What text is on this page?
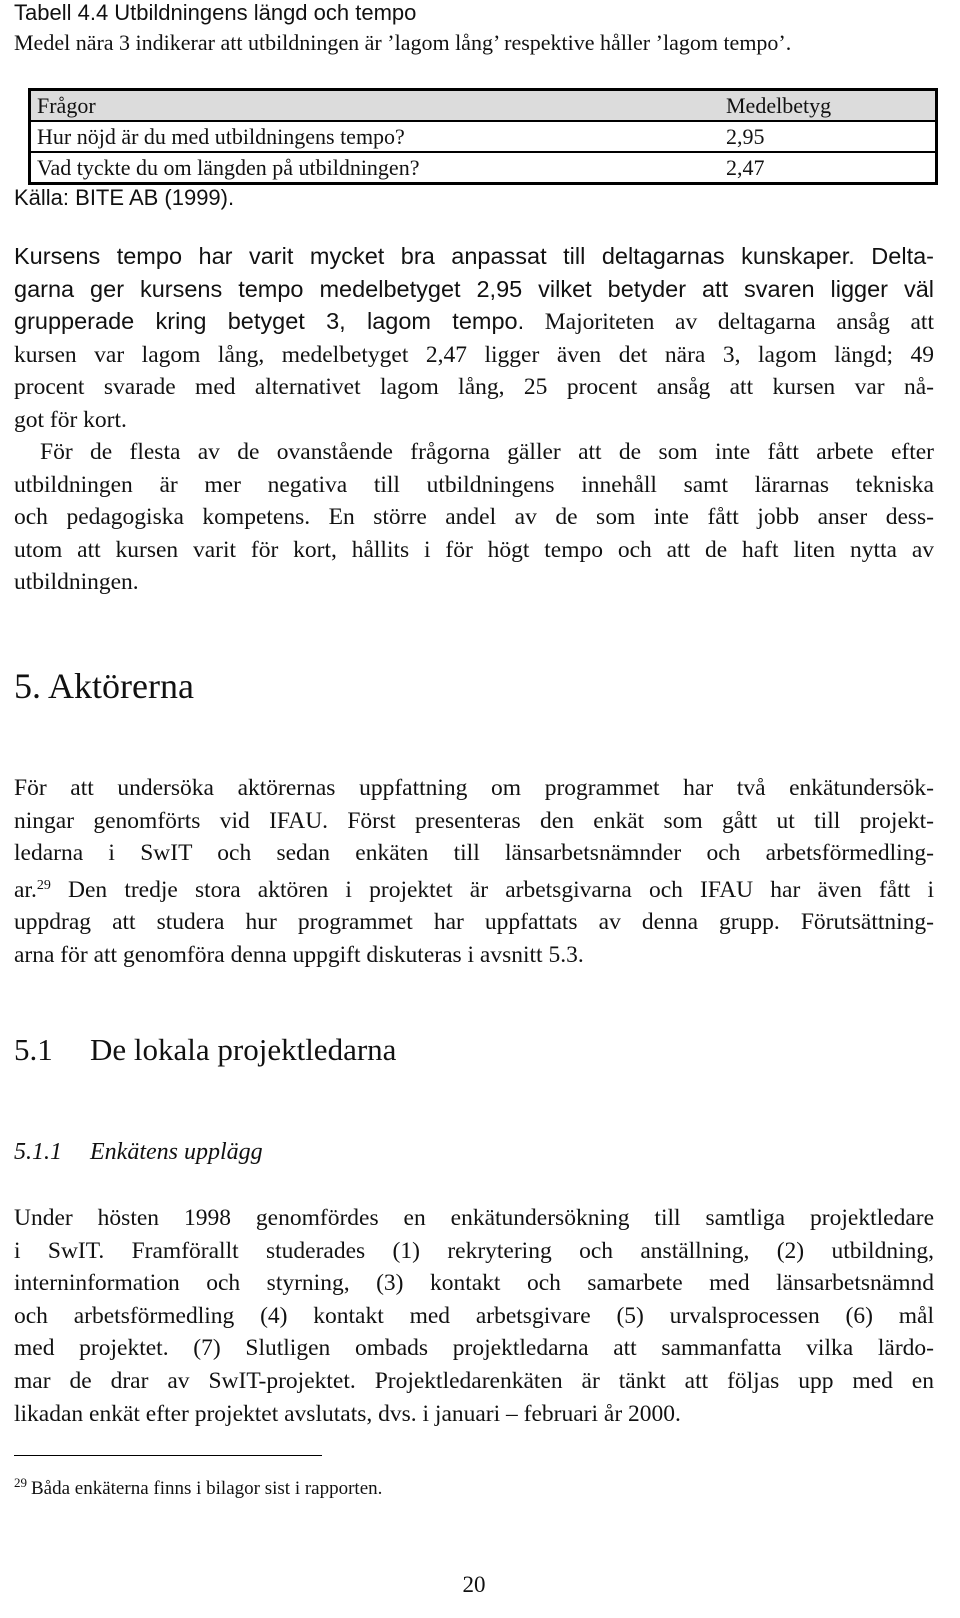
Tabell 4.4 Utbildningens längd och tempo
Medel nära 3 indikerar att utbildningen är ’lagom lång’ respektive håller ’lagom tempo’.
Frågor	Medelbetyg
Hur nöjd är du med utbildningens tempo?	2,95
Vad tyckte du om längden på utbildningen?	2,47
Källa: BITE AB (1999).
Kursens tempo har varit mycket bra anpassat till deltagarnas kunskaper. Delta-
garna ger kursens tempo medelbetyget 2,95 vilket betyder att svaren ligger väl
grupperade kring betyget 3, lagom tempo. Majoriteten av deltagarna ansåg att
kursen var lagom lång, medelbetyget 2,47 ligger även det nära 3, lagom längd; 49
procent svarade med alternativet lagom lång, 25 procent ansåg att kursen var nå-
got för kort.
För de flesta av de ovanstående frågorna gäller att de som inte fått arbete efter
utbildningen är mer negativa till utbildningens innehåll samt lärarnas tekniska
och pedagogiska kompetens. En större andel av de som inte fått jobb anser dess-
utom att kursen varit för kort, hållits i för högt tempo och att de haft liten nytta av
utbildningen.
5. Aktörerna
För att undersöka aktörernas uppfattning om programmet har två enkätundersök-
ningar genomförts vid IFAU. Först presenteras den enkät som gått ut till projekt-
ledarna i SwIT och sedan enkäten till länsarbetsnämnder och arbetsförmedling-
ar.$^{29}$ Den tredje stora aktören i projektet är arbetsgivarna och IFAU har även fått i
uppdrag att studera hur programmet har uppfattats av denna grupp. Förutsättning-
arna för att genomföra denna uppgift diskuteras i avsnitt 5.3.
5.1 De lokala projektledarna
5.1.1 Enkätens upplägg
Under hösten 1998 genomfördes en enkätundersökning till samtliga projektledare
i SwIT. Framförallt studerades (1) rekrytering och anställning, (2) utbildning,
interninformation och styrning, (3) kontakt och samarbete med länsarbetsnämnd
och arbetsförmedling (4) kontakt med arbetsgivare (5) urvalsprocessen (6) mål
med projektet. (7) Slutligen ombads projektledarna att sammanfatta vilka lärdo-
mar de drar av SwIT-projektet. Projektledarenkäten är tänkt att följas upp med en
likadan enkät efter projektet avslutats, dvs. i januari – februari år 2000.
$^{29}$ Båda enkäterna finns i bilagor sist i rapporten.
20
